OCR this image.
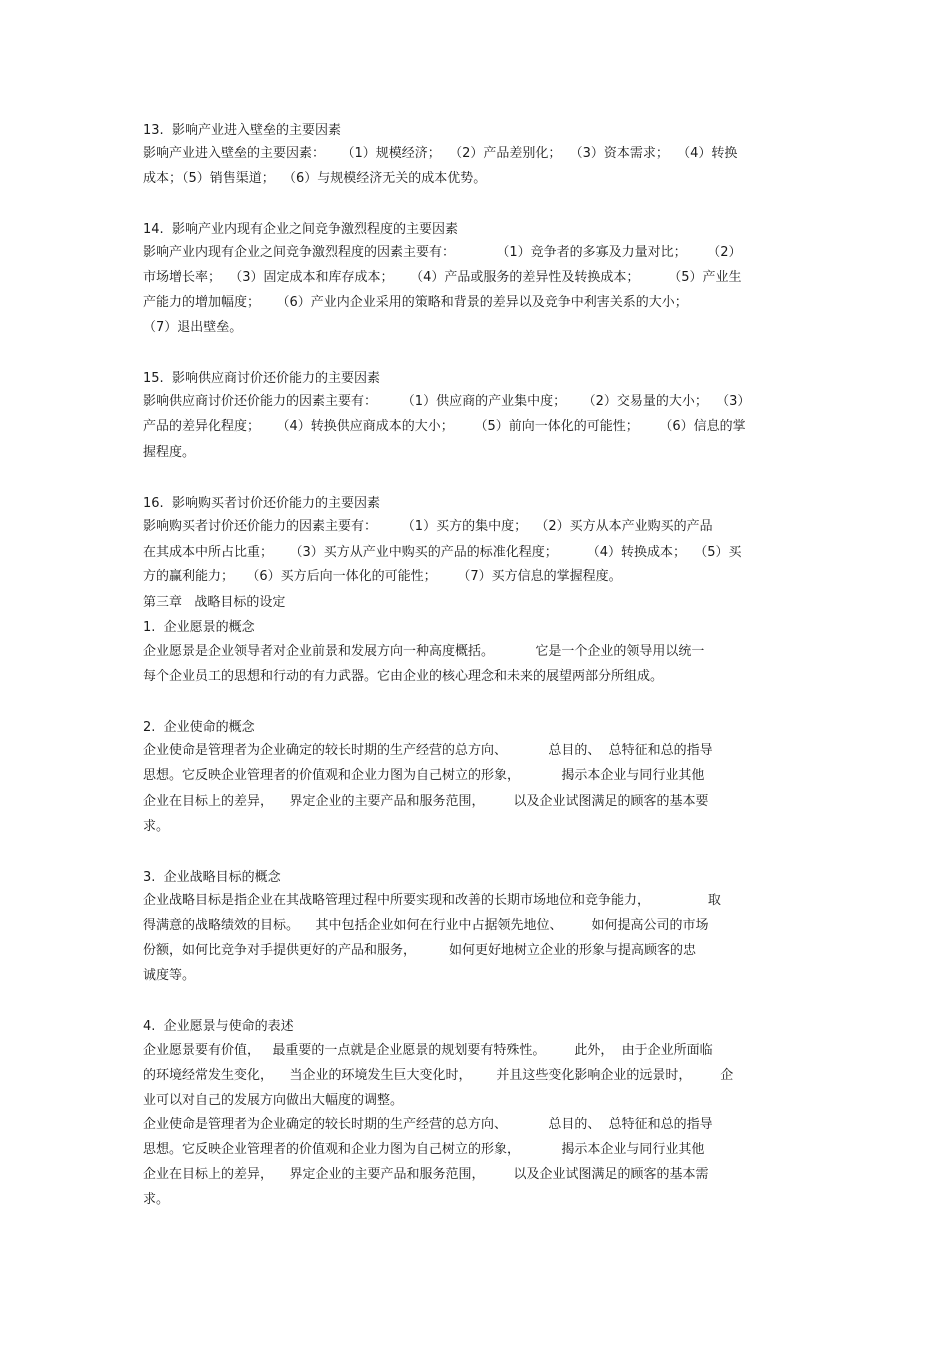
13.  影响产业进入壁垒的主要因素
影响产业进入壁垒的主要因素：    （1）规模经济；  （2）产品差别化；  （3）资本需求；  （4）转换
成本；（5）销售渠道；  （6）与规模经济无关的成本优势。
14.  影响产业内现有企业之间竞争激烈程度的主要因素
影响产业内现有企业之间竞争激烈程度的因素主要有：          （1）竞争者的多寡及力量对比；     （2）
市场增长率；  （3）固定成本和库存成本；    （4）产品或服务的差异性及转换成本；       （5）产业生
产能力的增加幅度；    （6）产业内企业采用的策略和背景的差异以及竞争中利害关系的大小；
（7）退出壁垒。
15.  影响供应商讨价还价能力的主要因素
影响供应商讨价还价能力的因素主要有：      （1）供应商的产业集中度；    （2）交易量的大小；  （3）
产品的差异化程度；    （4）转换供应商成本的大小；     （5）前向一体化的可能性；     （6）信息的掌
握程度。
16.  影响购买者讨价还价能力的主要因素
影响购买者讨价还价能力的因素主要有：      （1）买方的集中度；  （2）买方从本产业购买的产品
在其成本中所占比重；    （3）买方从产业中购买的产品的标准化程度；       （4）转换成本；  （5）买
方的赢利能力；   （6）买方后向一体化的可能性；     （7）买方信息的掌握程度。
第三章   战略目标的设定
1.  企业愿景的概念
企业愿景是企业领导者对企业前景和发展方向一种高度概括。          它是一个企业的领导用以统一
每个企业员工的思想和行动的有力武器。它由企业的核心理念和未来的展望两部分所组成。
2.  企业使命的概念
企业使命是管理者为企业确定的较长时期的生产经营的总方向、          总目的、  总特征和总的指导
思想。它反映企业管理者的价值观和企业力图为自己树立的形象，          揭示本企业与同行业其他
企业在目标上的差异，    界定企业的主要产品和服务范围，       以及企业试图满足的顾客的基本要
求。
3.  企业战略目标的概念
企业战略目标是指企业在其战略管理过程中所要实现和改善的长期市场地位和竞争能力，              取
得满意的战略绩效的目标。    其中包括企业如何在行业中占据领先地位、       如何提高公司的市场
份额，如何比竞争对手提供更好的产品和服务，        如何更好地树立企业的形象与提高顾客的忠
诚度等。
4.  企业愿景与使命的表述
企业愿景要有价值，   最重要的一点就是企业愿景的规划要有特殊性。       此外，  由于企业所面临
的环境经常发生变化，    当企业的环境发生巨大变化时，      并且这些变化影响企业的远景时，       企
业可以对自己的发展方向做出大幅度的调整。
企业使命是管理者为企业确定的较长时期的生产经营的总方向、          总目的、  总特征和总的指导
思想。它反映企业管理者的价值观和企业力图为自己树立的形象，          揭示本企业与同行业其他
企业在目标上的差异，    界定企业的主要产品和服务范围，       以及企业试图满足的顾客的基本需
求。
